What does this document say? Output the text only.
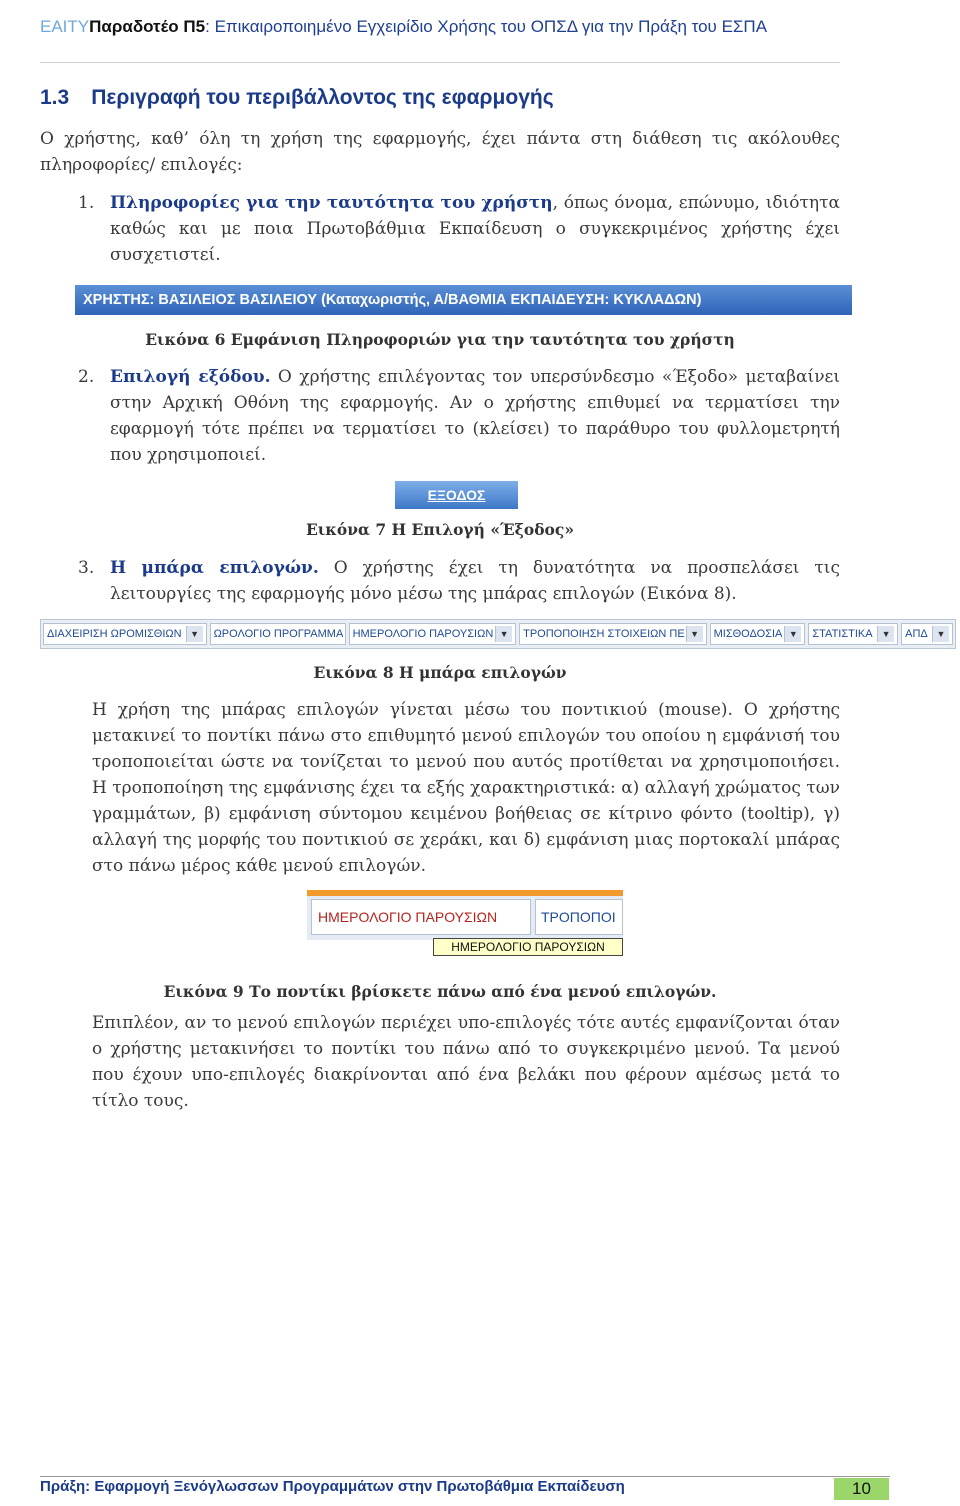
ΕΑΙΤΥΠαραδοτέο Π5: Επικαιροποιημένο Εγχειρίδιο Χρήσης του ΟΠΣΔ για την Πράξη του ΕΣΠΑ
1.3 Περιγραφή του περιβάλλοντος της εφαρμογής
Ο χρήστης, καθ’ όλη τη χρήση της εφαρμογής, έχει πάντα στη διάθεση τις ακόλουθες πληροφορίες/ επιλογές:
1. Πληροφορίες για την ταυτότητα του χρήστη, όπως όνομα, επώνυμο, ιδιότητα καθώς και με ποια Πρωτοβάθμια Εκπαίδευση ο συγκεκριμένος χρήστης έχει συσχετιστεί.
ΧΡΗΣΤΗΣ: ΒΑΣΙΛΕΙΟΣ ΒΑΣΙΛΕΙΟΥ (Καταχωριστής, Α/ΒΑΘΜΙΑ ΕΚΠΑΙΔΕΥΣΗ: ΚΥΚΛΑΔΩΝ)
Εικόνα 6 Εμφάνιση Πληροφοριών για την ταυτότητα του χρήστη
2. Επιλογή εξόδου. Ο χρήστης επιλέγοντας τον υπερσύνδεσμο «Έξοδο» μεταβαίνει στην Αρχική Οθόνη της εφαρμογής. Αν ο χρήστης επιθυμεί να τερματίσει την εφαρμογή τότε πρέπει να τερματίσει το (κλείσει) το παράθυρο του φυλλομετρητή που χρησιμοποιεί.
ΕΞΟΔΟΣ
Εικόνα 7 Η Επιλογή «Έξοδος»
3. Η μπάρα επιλογών. Ο χρήστης έχει τη δυνατότητα να προσπελάσει τις λειτουργίες της εφαρμογής μόνο μέσω της μπάρας επιλογών (Εικόνα 8).
ΔΙΑΧΕΙΡΙΣΗ ΩΡΟΜΙΣΘΙΩΝ ▼	ΩΡΟΛΟΓΙΟ ΠΡΟΓΡΑΜΜΑ ΗΜΕΡΟΛΟΓΙΟ ΠΑΡΟΥΣΙΩΝ ▼	ΤΡΟΠΟΠΟΙΗΣΗ ΣΤΟΙΧΕΙΩΝ ΠΕ ▼	ΜΙΣΘΟΔΟΣΙΑ ▼	ΣΤΑΤΙΣΤΙΚΑ	▼	ΑΠΔ ▼
Εικόνα 8 Η μπάρα επιλογών
Η χρήση της μπάρας επιλογών γίνεται μέσω του ποντικιού (mouse). Ο χρήστης μετακινεί το ποντίκι πάνω στο επιθυμητό μενού επιλογών του οποίου η εμφάνισή του τροποποιείται ώστε να τονίζεται το μενού που αυτός προτίθεται να χρησιμοποιήσει. Η τροποποίηση της εμφάνισης έχει τα εξής χαρακτηριστικά: α) αλλαγή χρώματος των γραμμάτων, β) εμφάνιση σύντομου κειμένου βοήθειας σε κίτρινο φόντο (tooltip), γ) αλλαγή της μορφής του ποντικιού σε χεράκι, και δ) εμφάνιση μιας πορτοκαλί μπάρας στο πάνω μέρος κάθε μενού επιλογών.
ΗΜΕΡΟΛΟΓΙΟ ΠΑΡΟΥΣΙΩΝ	ΤΡΟΠΟΠΟΙ
ΗΜΕΡΟΛΟΓΙΟ ΠΑΡΟΥΣΙΩΝ
Εικόνα 9 Το ποντίκι βρίσκετε πάνω από ένα μενού επιλογών.
Επιπλέον, αν το μενού επιλογών περιέχει υπο-επιλογές τότε αυτές εμφανίζονται όταν ο χρήστης μετακινήσει το ποντίκι του πάνω από το συγκεκριμένο μενού. Τα μενού που έχουν υπο-επιλογές διακρίνονται από ένα βελάκι που φέρουν αμέσως μετά το τίτλο τους.
Πράξη: Εφαρμογή Ξενόγλωσσων Προγραμμάτων στην Πρωτοβάθμια Εκπαίδευση	10
